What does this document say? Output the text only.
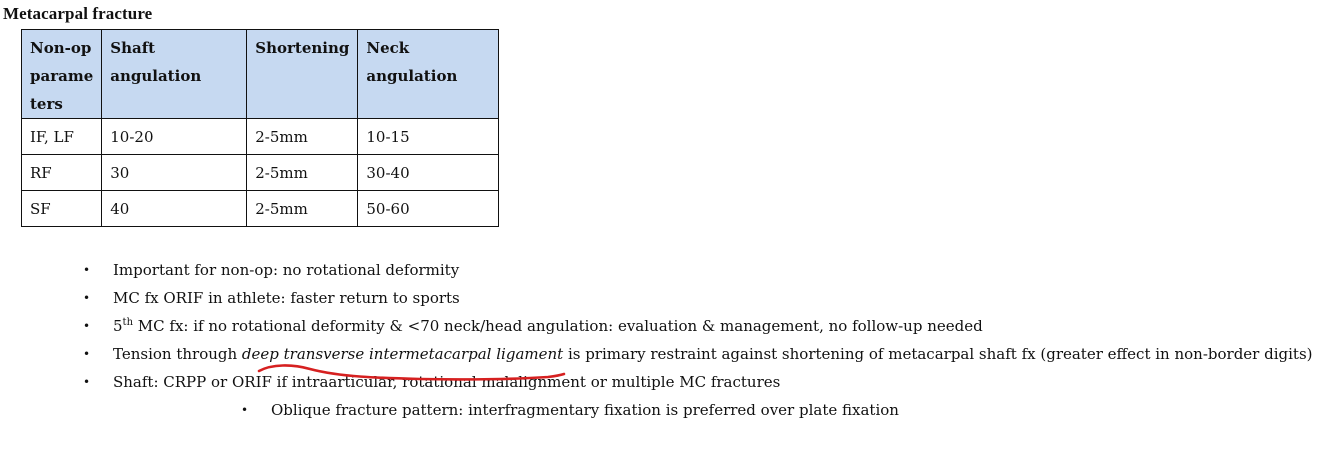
Metacarpal fracture
Non-op
parame
ters	Shaft angulation	Shortening	Neck angulation
IF, LF	10-20	2-5mm	10-15
RF	30	2-5mm	30-40
SF	40	2-5mm	50-60
• Important for non-op: no rotational deformity
• MC fx ORIF in athlete: faster return to sports
• 5th MC fx: if no rotational deformity & <70 neck/head angulation: evaluation & management, no follow-up needed
• Tension through deep transverse intermetacarpal ligament is primary restraint against shortening of metacarpal shaft fx (greater effect in non-border digits)
• Shaft: CRPP or ORIF if intraarticular, rotational malalignment or multiple MC fractures
• Oblique fracture pattern: interfragmentary fixation is preferred over plate fixation
